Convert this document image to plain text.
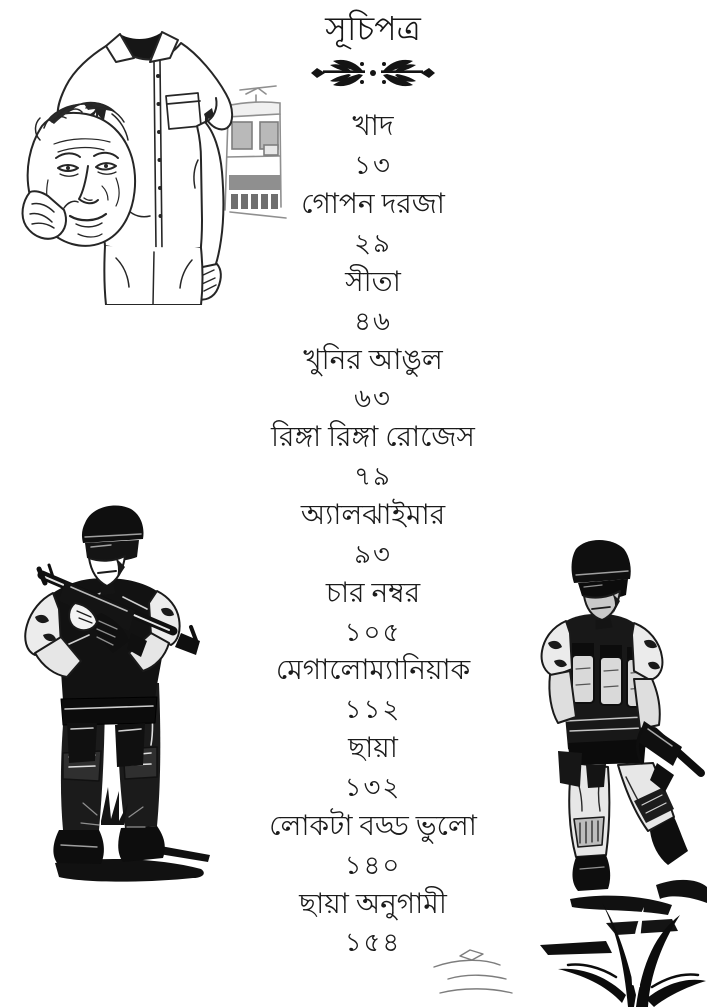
সূচিপত্র
খাদ
১৩
গোপন দরজা
২৯
সীতা
৪৬
খুনির আঙুল
৬৩
রিঙ্গা রিঙ্গা রোজেস
৭৯
অ্যালঝাইমার
৯৩
চার নম্বর
১০৫
মেগালোম্যানিয়াক
১১২
ছায়া
১৩২
লোকটা বড্ড ভুলো
১৪০
ছায়া অনুগামী
১৫৪
